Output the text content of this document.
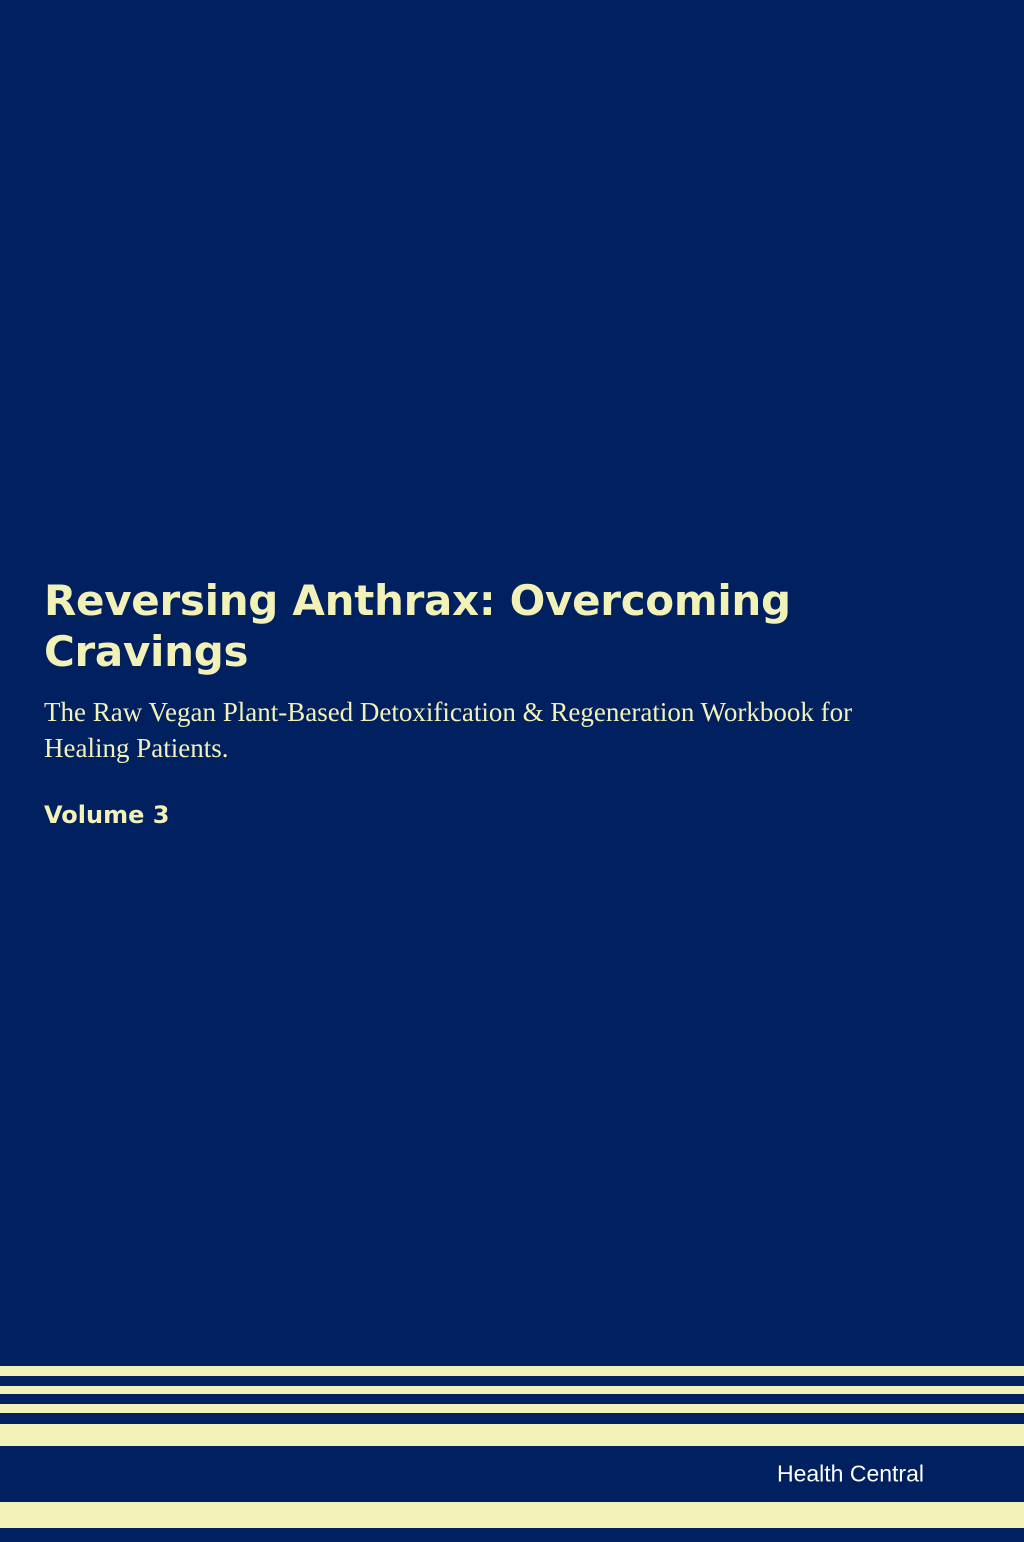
Reversing Anthrax: Overcoming Cravings

The Raw Vegan Plant-Based Detoxification & Regeneration Workbook for Healing Patients.

Volume 3

Health Central
